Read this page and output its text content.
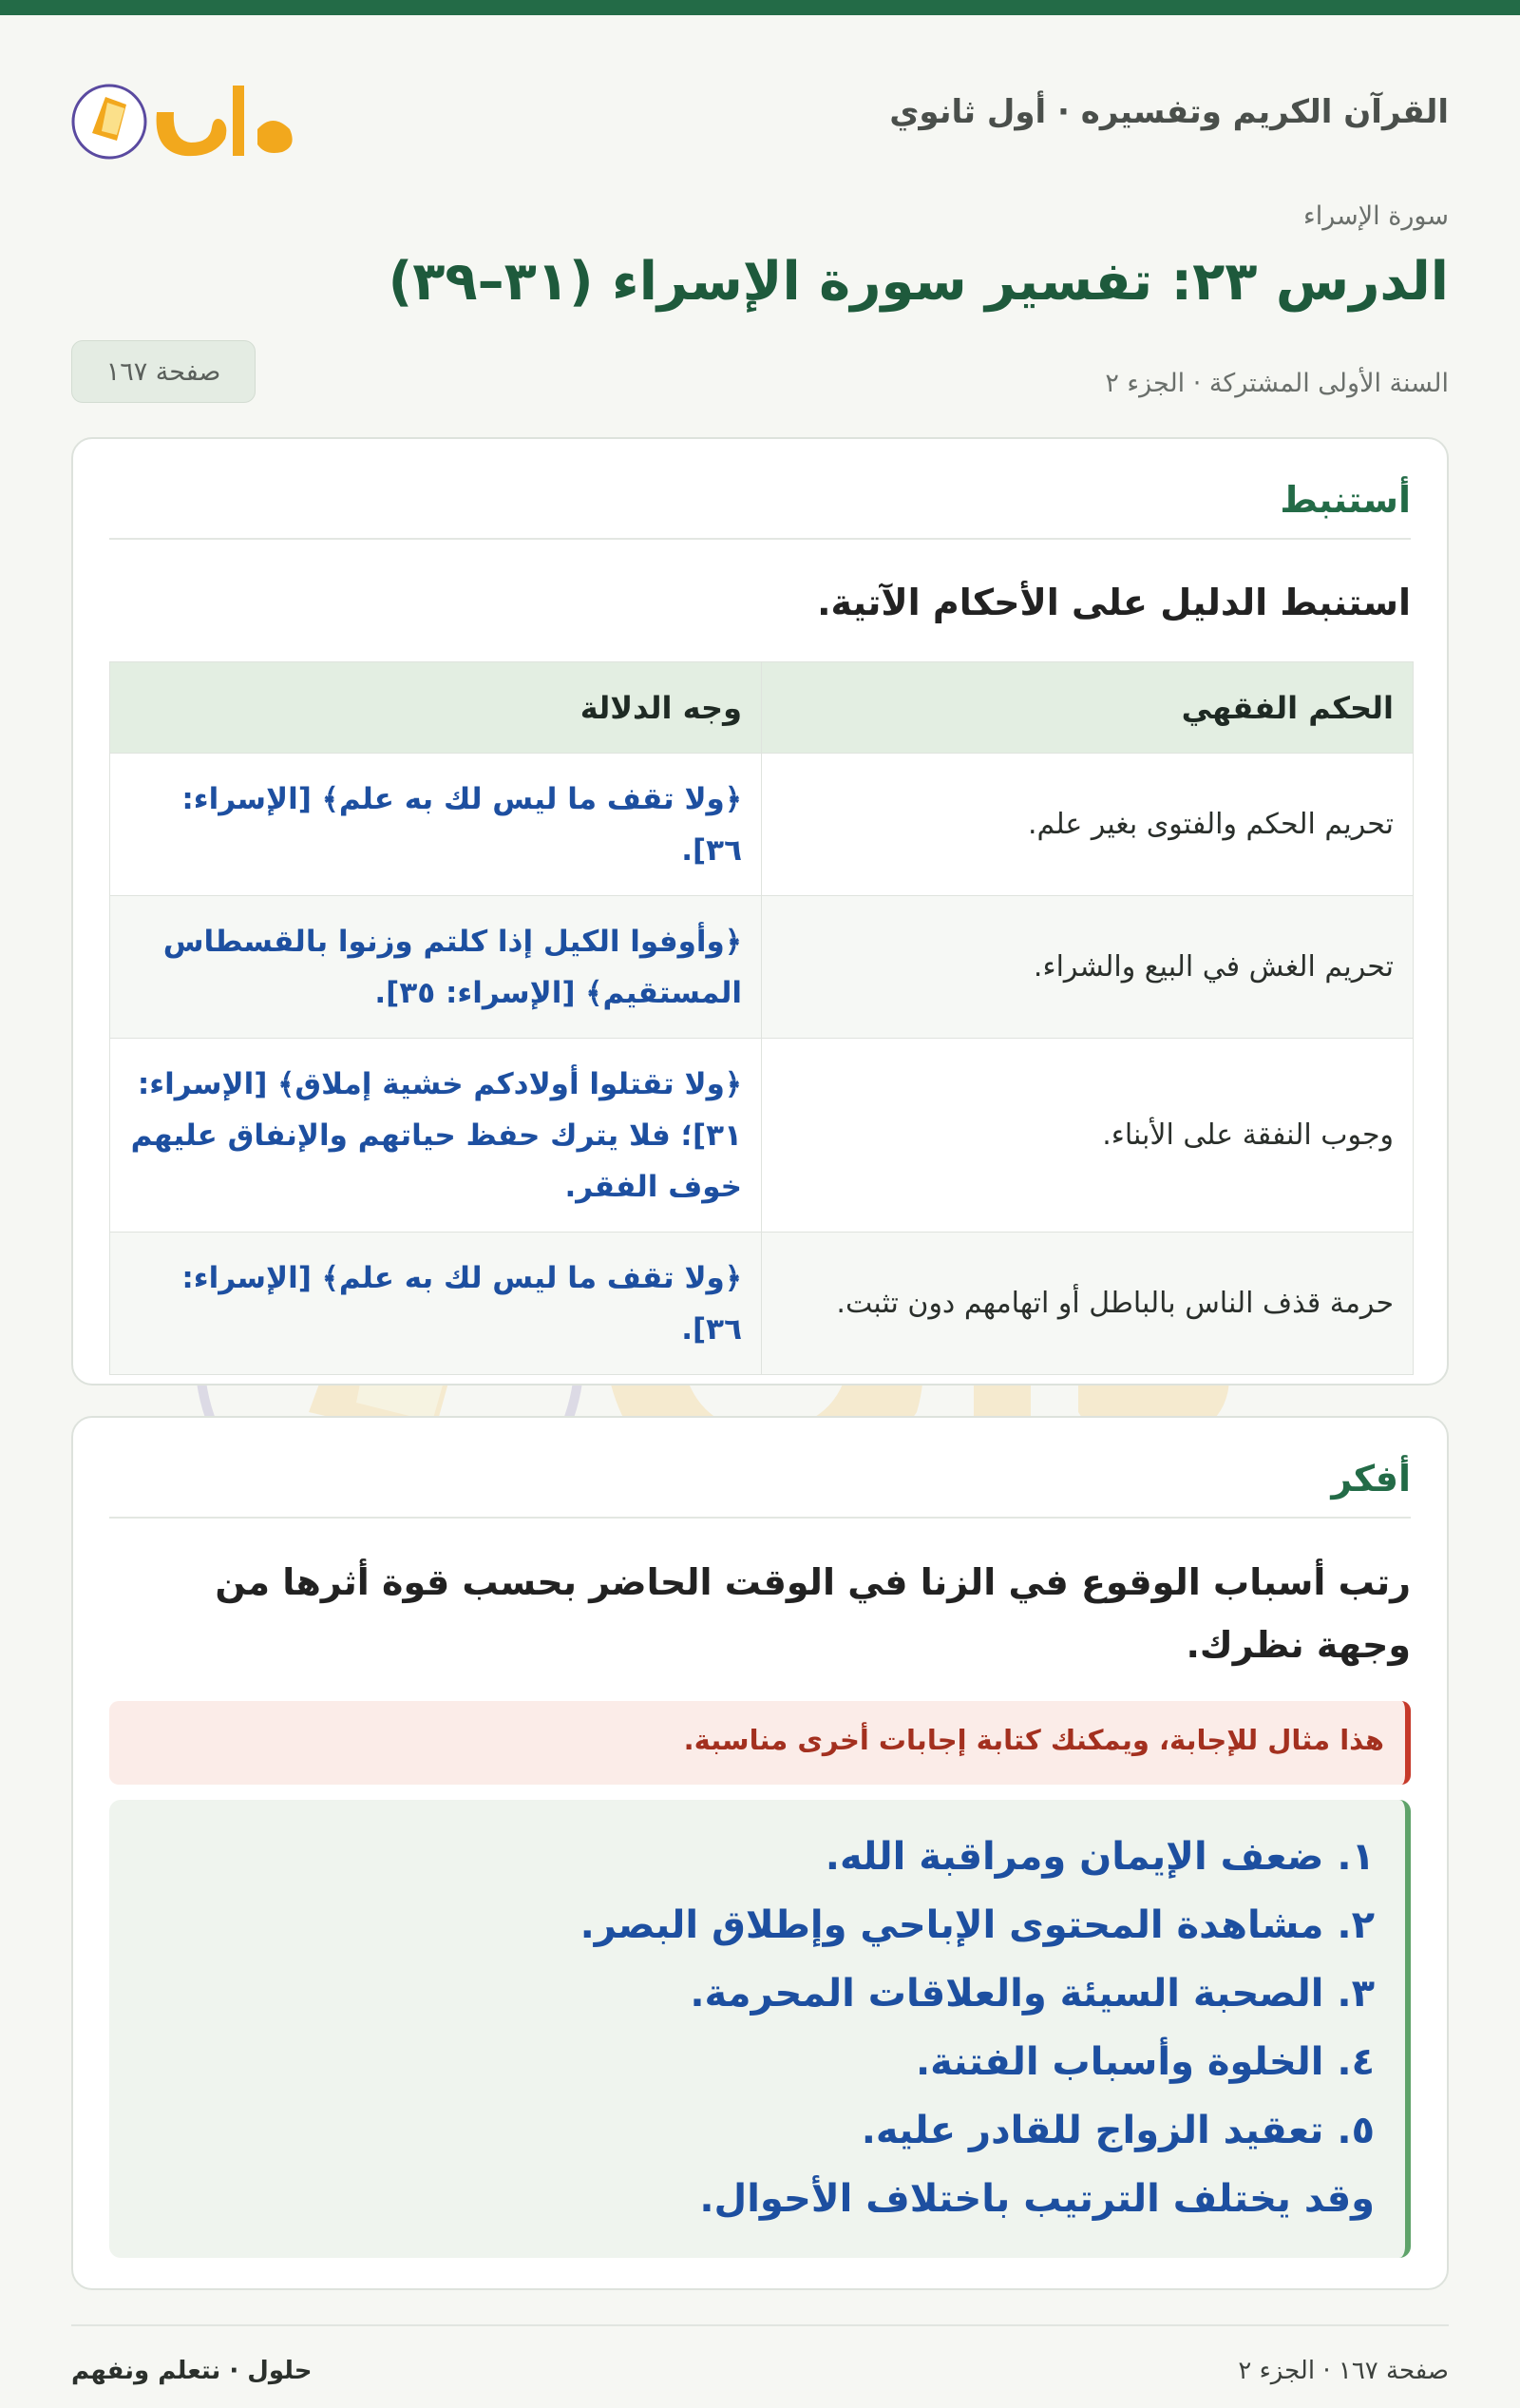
القرآن الكريم وتفسيره · أول ثانوي
سورة الإسراء
الدرس ٢٣: تفسير سورة الإسراء (٣١–٣٩)
السنة الأولى المشتركة · الجزء ٢
صفحة ١٦٧
أستنبط
استنبط الدليل على الأحكام الآتية.
الحكم الفقهي	وجه الدلالة
تحريم الحكم والفتوى بغير علم.	﴿ولا تقف ما ليس لك به علم﴾ [الإسراء: ٣٦].
تحريم الغش في البيع والشراء.	﴿وأوفوا الكيل إذا كلتم وزنوا بالقسطاس المستقيم﴾ [الإسراء: ٣٥].
وجوب النفقة على الأبناء.	﴿ولا تقتلوا أولادكم خشية إملاق﴾ [الإسراء: ٣١]؛ فلا يترك حفظ حياتهم والإنفاق عليهم خوف الفقر.
حرمة قذف الناس بالباطل أو اتهامهم دون تثبت.	﴿ولا تقف ما ليس لك به علم﴾ [الإسراء: ٣٦].
أفكر
رتب أسباب الوقوع في الزنا في الوقت الحاضر بحسب قوة أثرها من وجهة نظرك.
هذا مثال للإجابة، ويمكنك كتابة إجابات أخرى مناسبة.
١. ضعف الإيمان ومراقبة الله.
٢. مشاهدة المحتوى الإباحي وإطلاق البصر.
٣. الصحبة السيئة والعلاقات المحرمة.
٤. الخلوة وأسباب الفتنة.
٥. تعقيد الزواج للقادر عليه.
وقد يختلف الترتيب باختلاف الأحوال.
صفحة ١٦٧ · الجزء ٢
حلول · نتعلم ونفهم
